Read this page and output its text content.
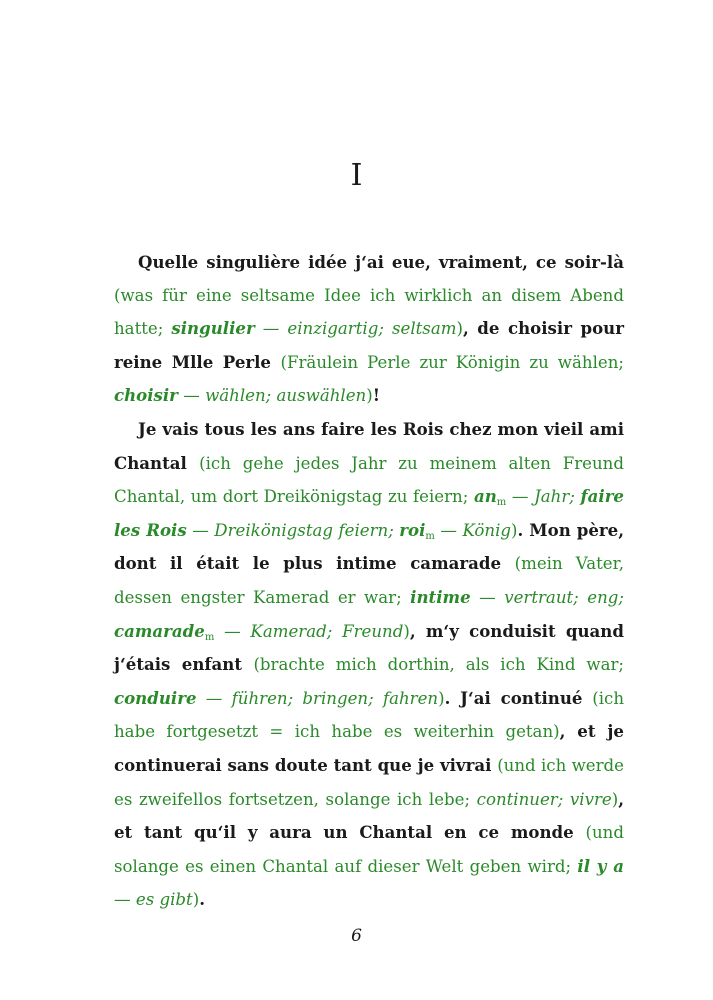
I

Quelle singulière idée j‘ai eue, vraiment, ce soir-là (was für eine seltsame Idee ich wirklich an disem Abend hatte; singulier — einzigartig; seltsam), de choisir pour reine Mlle Perle (Fräulein Perle zur Königin zu wählen; choisir — wählen; auswählen)!

Je vais tous les ans faire les Rois chez mon vieil ami Chantal (ich gehe jedes Jahr zu meinem alten Freund Chantal, um dort Dreikönigstag zu feiern; $an_m$ — Jahr; faire les Rois — Dreikönigstag feiern; roi$_m$ — König). Mon père, dont il était le plus intime camarade (mein Vater, dessen engster Kamerad er war; intime — vertraut; eng; camarade$_m$ — Kamerad; Freund), m‘y conduisit quand j‘étais enfant (brachte mich dorthin, als ich Kind war; conduire — führen; bringen; fahren). J‘ai continué (ich habe fortgesetzt = ich habe es weiterhin getan), et je continuerai sans doute tant que je vivrai (und ich werde es zweifellos fortsetzen, solange ich lebe; continuer; vivre), et tant qu‘il y aura un Chantal en ce monde (und solange es einen Chantal auf dieser Welt geben wird; il y a — es gibt).

6
